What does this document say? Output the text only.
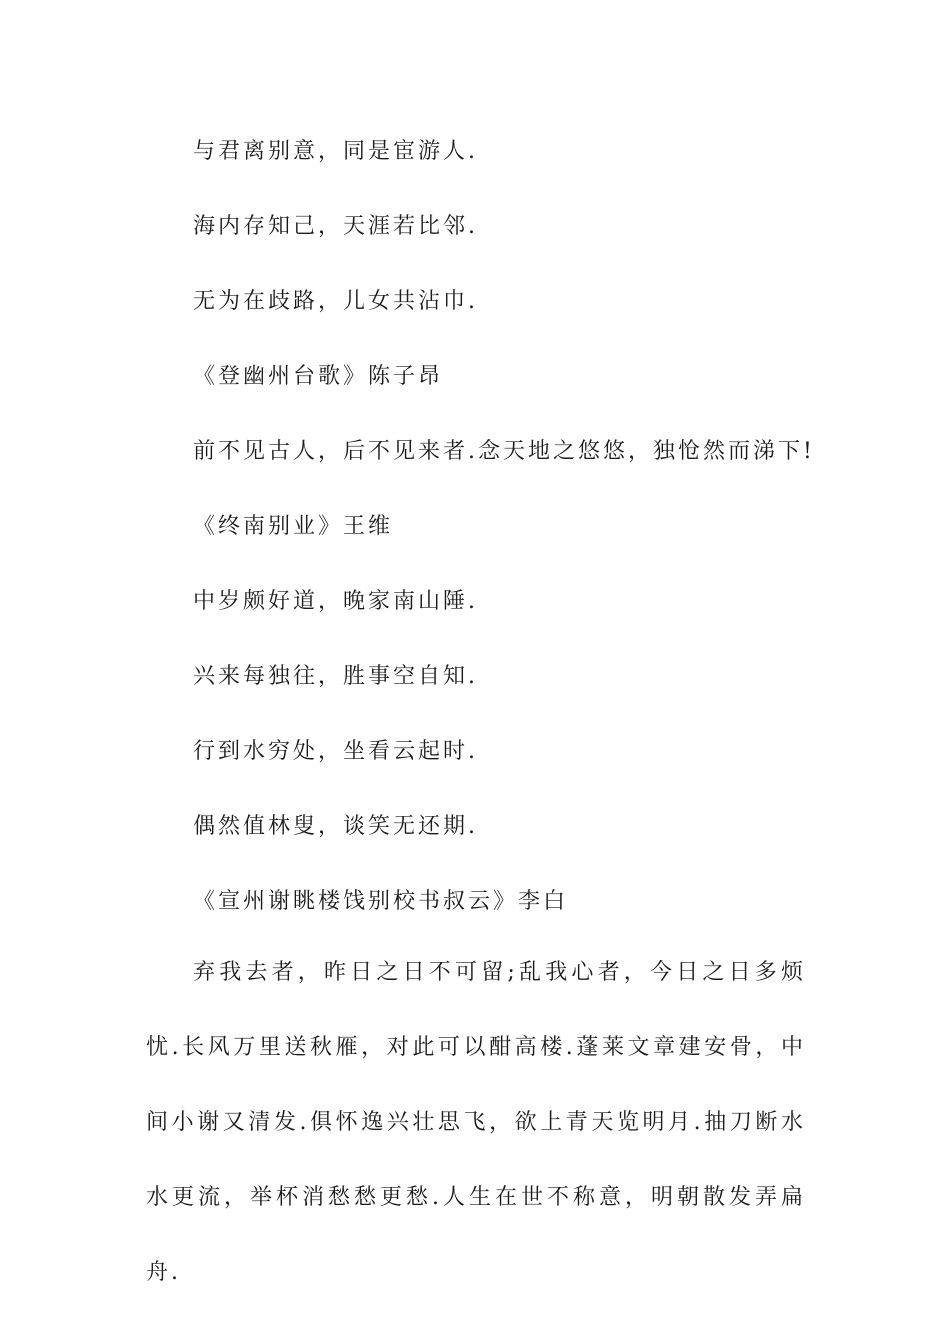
与君离别意，同是宦游人.
海内存知己，天涯若比邻.
无为在歧路，儿女共沾巾.
《登幽州台歌》陈子昂
前不见古人，后不见来者.念天地之悠悠，独怆然而涕下!
《终南别业》王维
中岁颇好道，晚家南山陲.
兴来每独往，胜事空自知.
行到水穷处，坐看云起时.
偶然值林叟，谈笑无还期.
《宣州谢眺楼饯别校书叔云》李白

弃我去者，昨日之日不可留;乱我心者，今日之日多烦忧.长风万里送秋雁，对此可以酣高楼.蓬莱文章建安骨，中间小谢又清发.俱怀逸兴壮思飞，欲上青天览明月.抽刀断水水更流，举杯消愁愁更愁.人生在世不称意，明朝散发弄扁舟.
